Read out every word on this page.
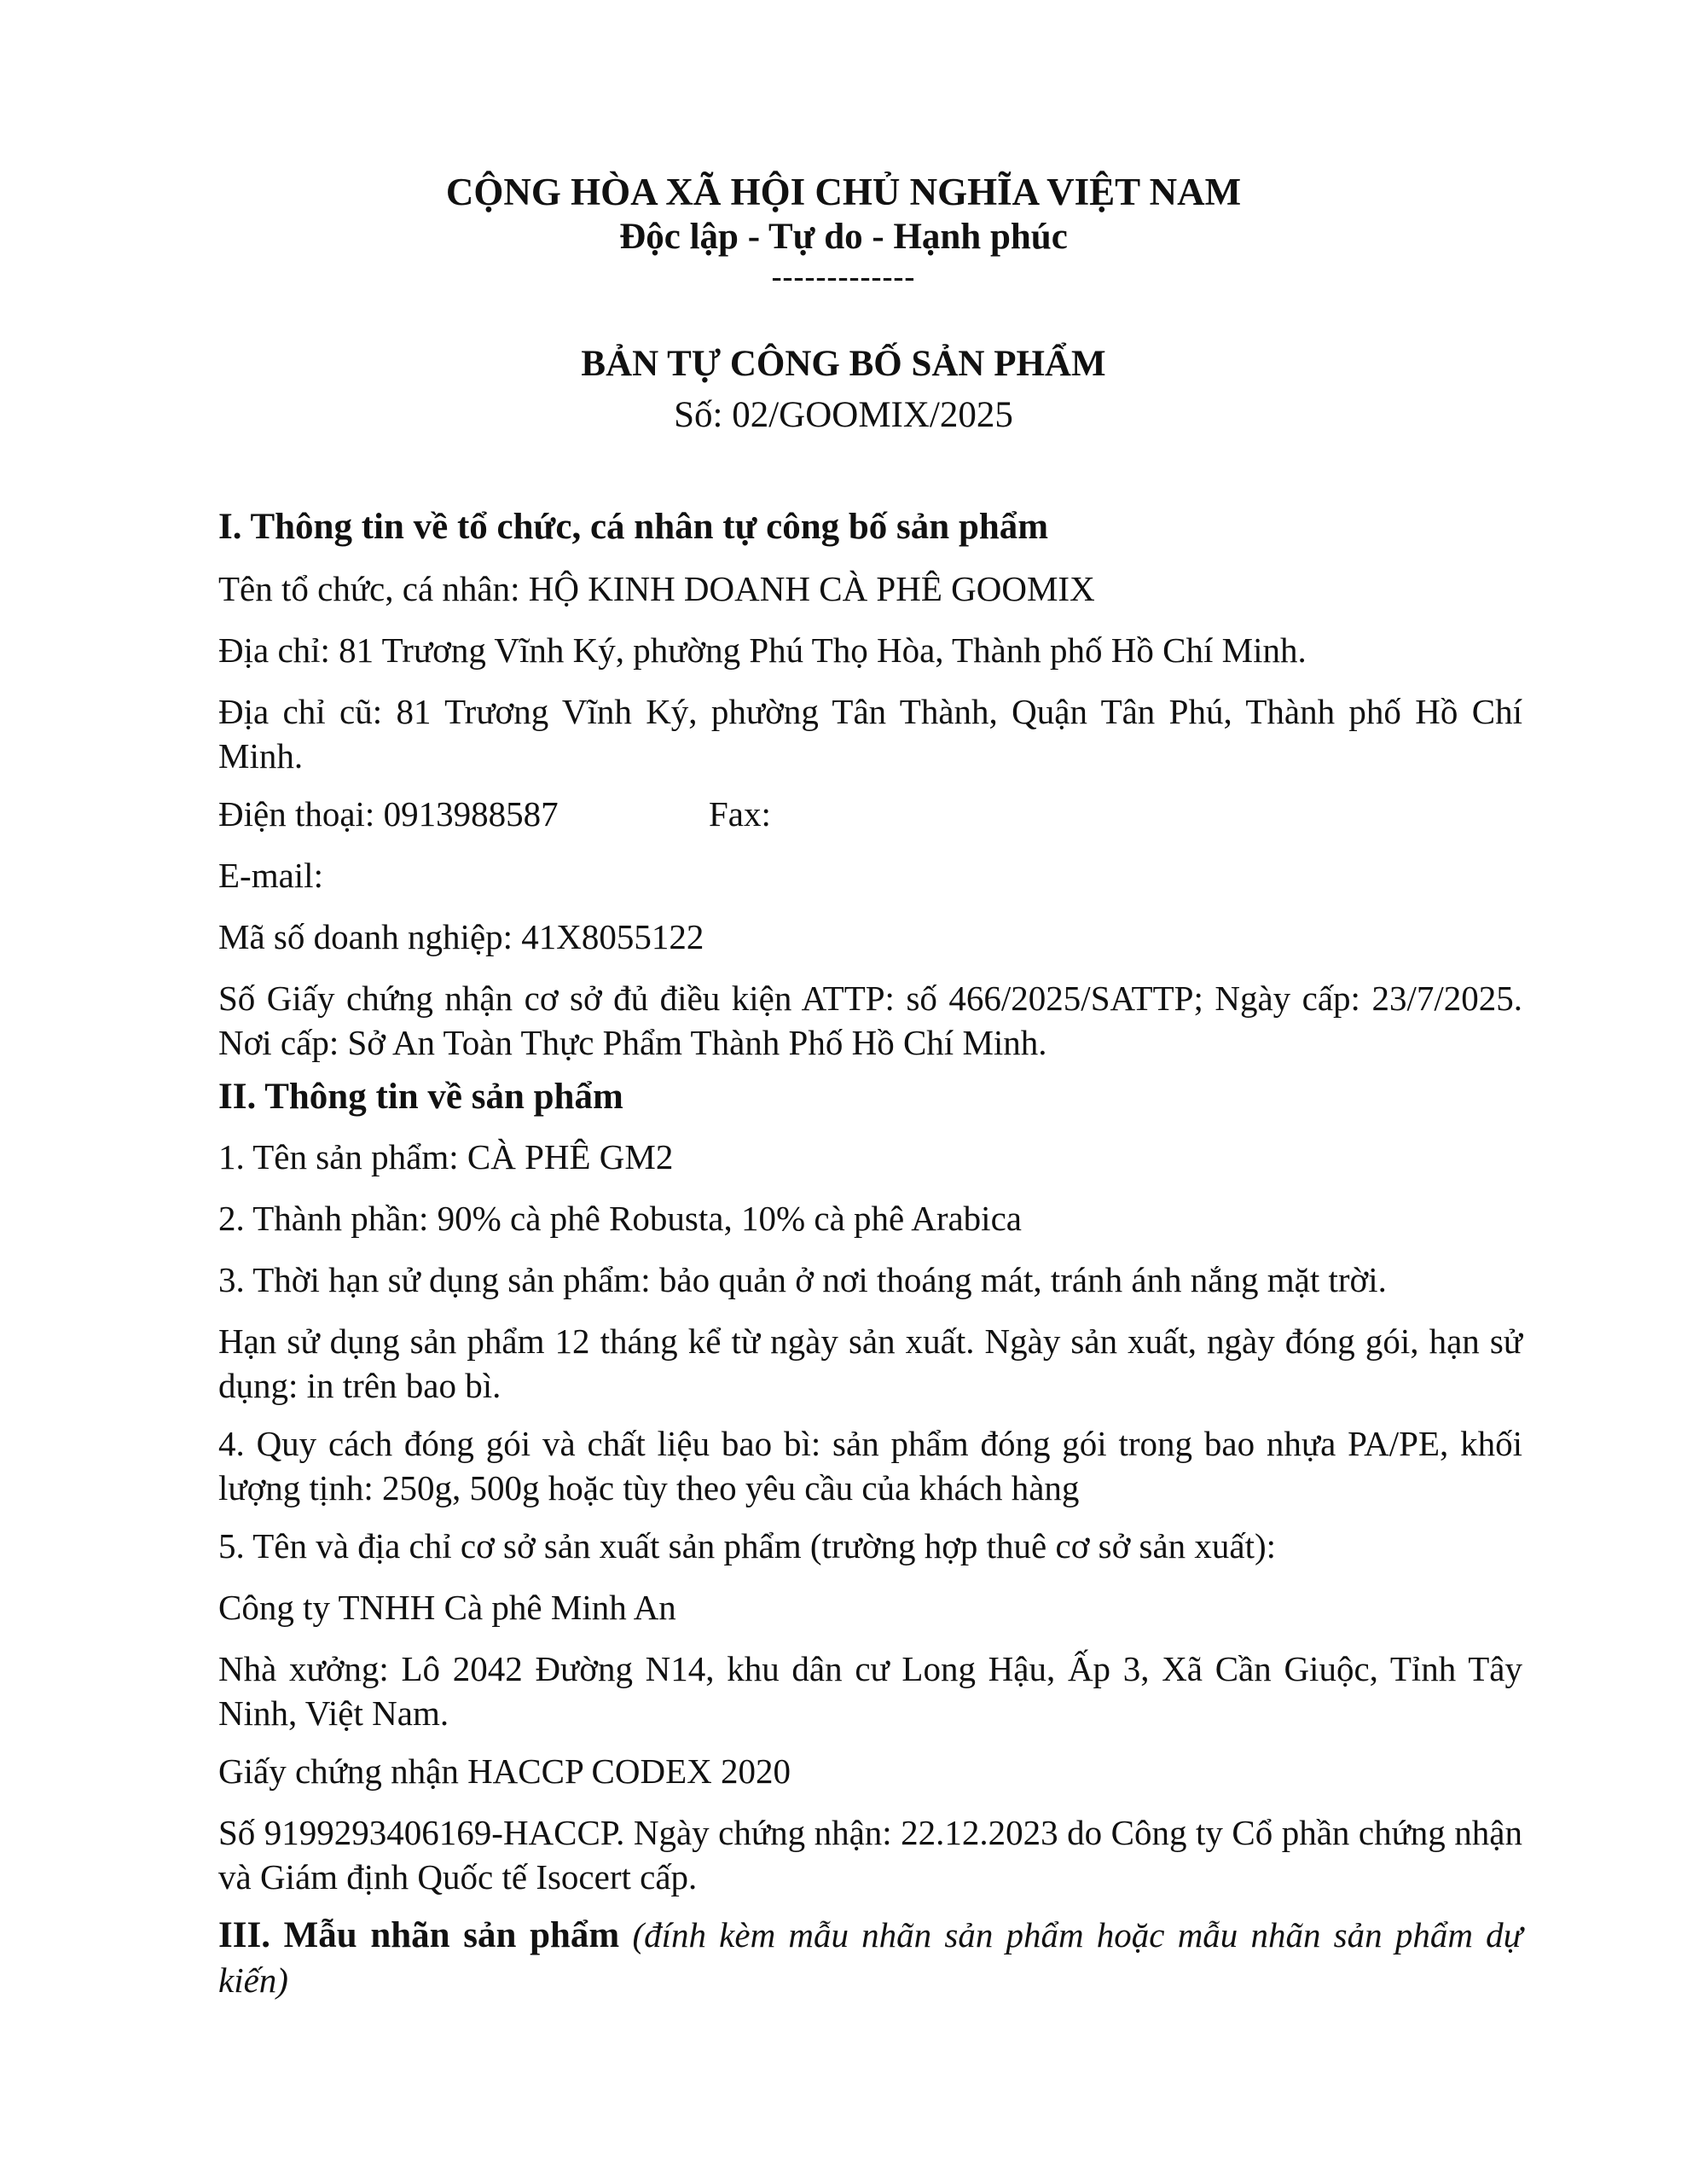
CỘNG HÒA XÃ HỘI CHỦ NGHĨA VIỆT NAM
Độc lập - Tự do - Hạnh phúc
-------------
BẢN TỰ CÔNG BỐ SẢN PHẨM
Số: 02/GOOMIX/2025
I. Thông tin về tổ chức, cá nhân tự công bố sản phẩm
Tên tổ chức, cá nhân: HỘ KINH DOANH CÀ PHÊ GOOMIX
Địa chỉ: 81 Trương Vĩnh Ký, phường Phú Thọ Hòa, Thành phố Hồ Chí Minh.
Địa chỉ cũ: 81 Trương Vĩnh Ký, phường Tân Thành, Quận Tân Phú, Thành phố Hồ Chí Minh.
Điện thoại: 0913988587	Fax:
E-mail:
Mã số doanh nghiệp: 41X8055122
Số Giấy chứng nhận cơ sở đủ điều kiện ATTP: số 466/2025/SATTP; Ngày cấp: 23/7/2025. Nơi cấp: Sở An Toàn Thực Phẩm Thành Phố Hồ Chí Minh.
II. Thông tin về sản phẩm
1. Tên sản phẩm: CÀ PHÊ GM2
2. Thành phần: 90% cà phê Robusta, 10% cà phê Arabica
3. Thời hạn sử dụng sản phẩm: bảo quản ở nơi thoáng mát, tránh ánh nắng mặt trời.
Hạn sử dụng sản phẩm 12 tháng kể từ ngày sản xuất. Ngày sản xuất, ngày đóng gói, hạn sử dụng: in trên bao bì.
4. Quy cách đóng gói và chất liệu bao bì: sản phẩm đóng gói trong bao nhựa PA/PE, khối lượng tịnh: 250g, 500g hoặc tùy theo yêu cầu của khách hàng
5. Tên và địa chỉ cơ sở sản xuất sản phẩm (trường hợp thuê cơ sở sản xuất):
Công ty TNHH Cà phê Minh An
Nhà xưởng: Lô 2042 Đường N14, khu dân cư Long Hậu, Ấp 3, Xã Cần Giuộc, Tỉnh Tây Ninh, Việt Nam.
Giấy chứng nhận HACCP CODEX 2020
Số 9199293406169-HACCP. Ngày chứng nhận: 22.12.2023 do Công ty Cổ phần chứng nhận và Giám định Quốc tế Isocert cấp.
III. Mẫu nhãn sản phẩm (đính kèm mẫu nhãn sản phẩm hoặc mẫu nhãn sản phẩm dự kiến)
